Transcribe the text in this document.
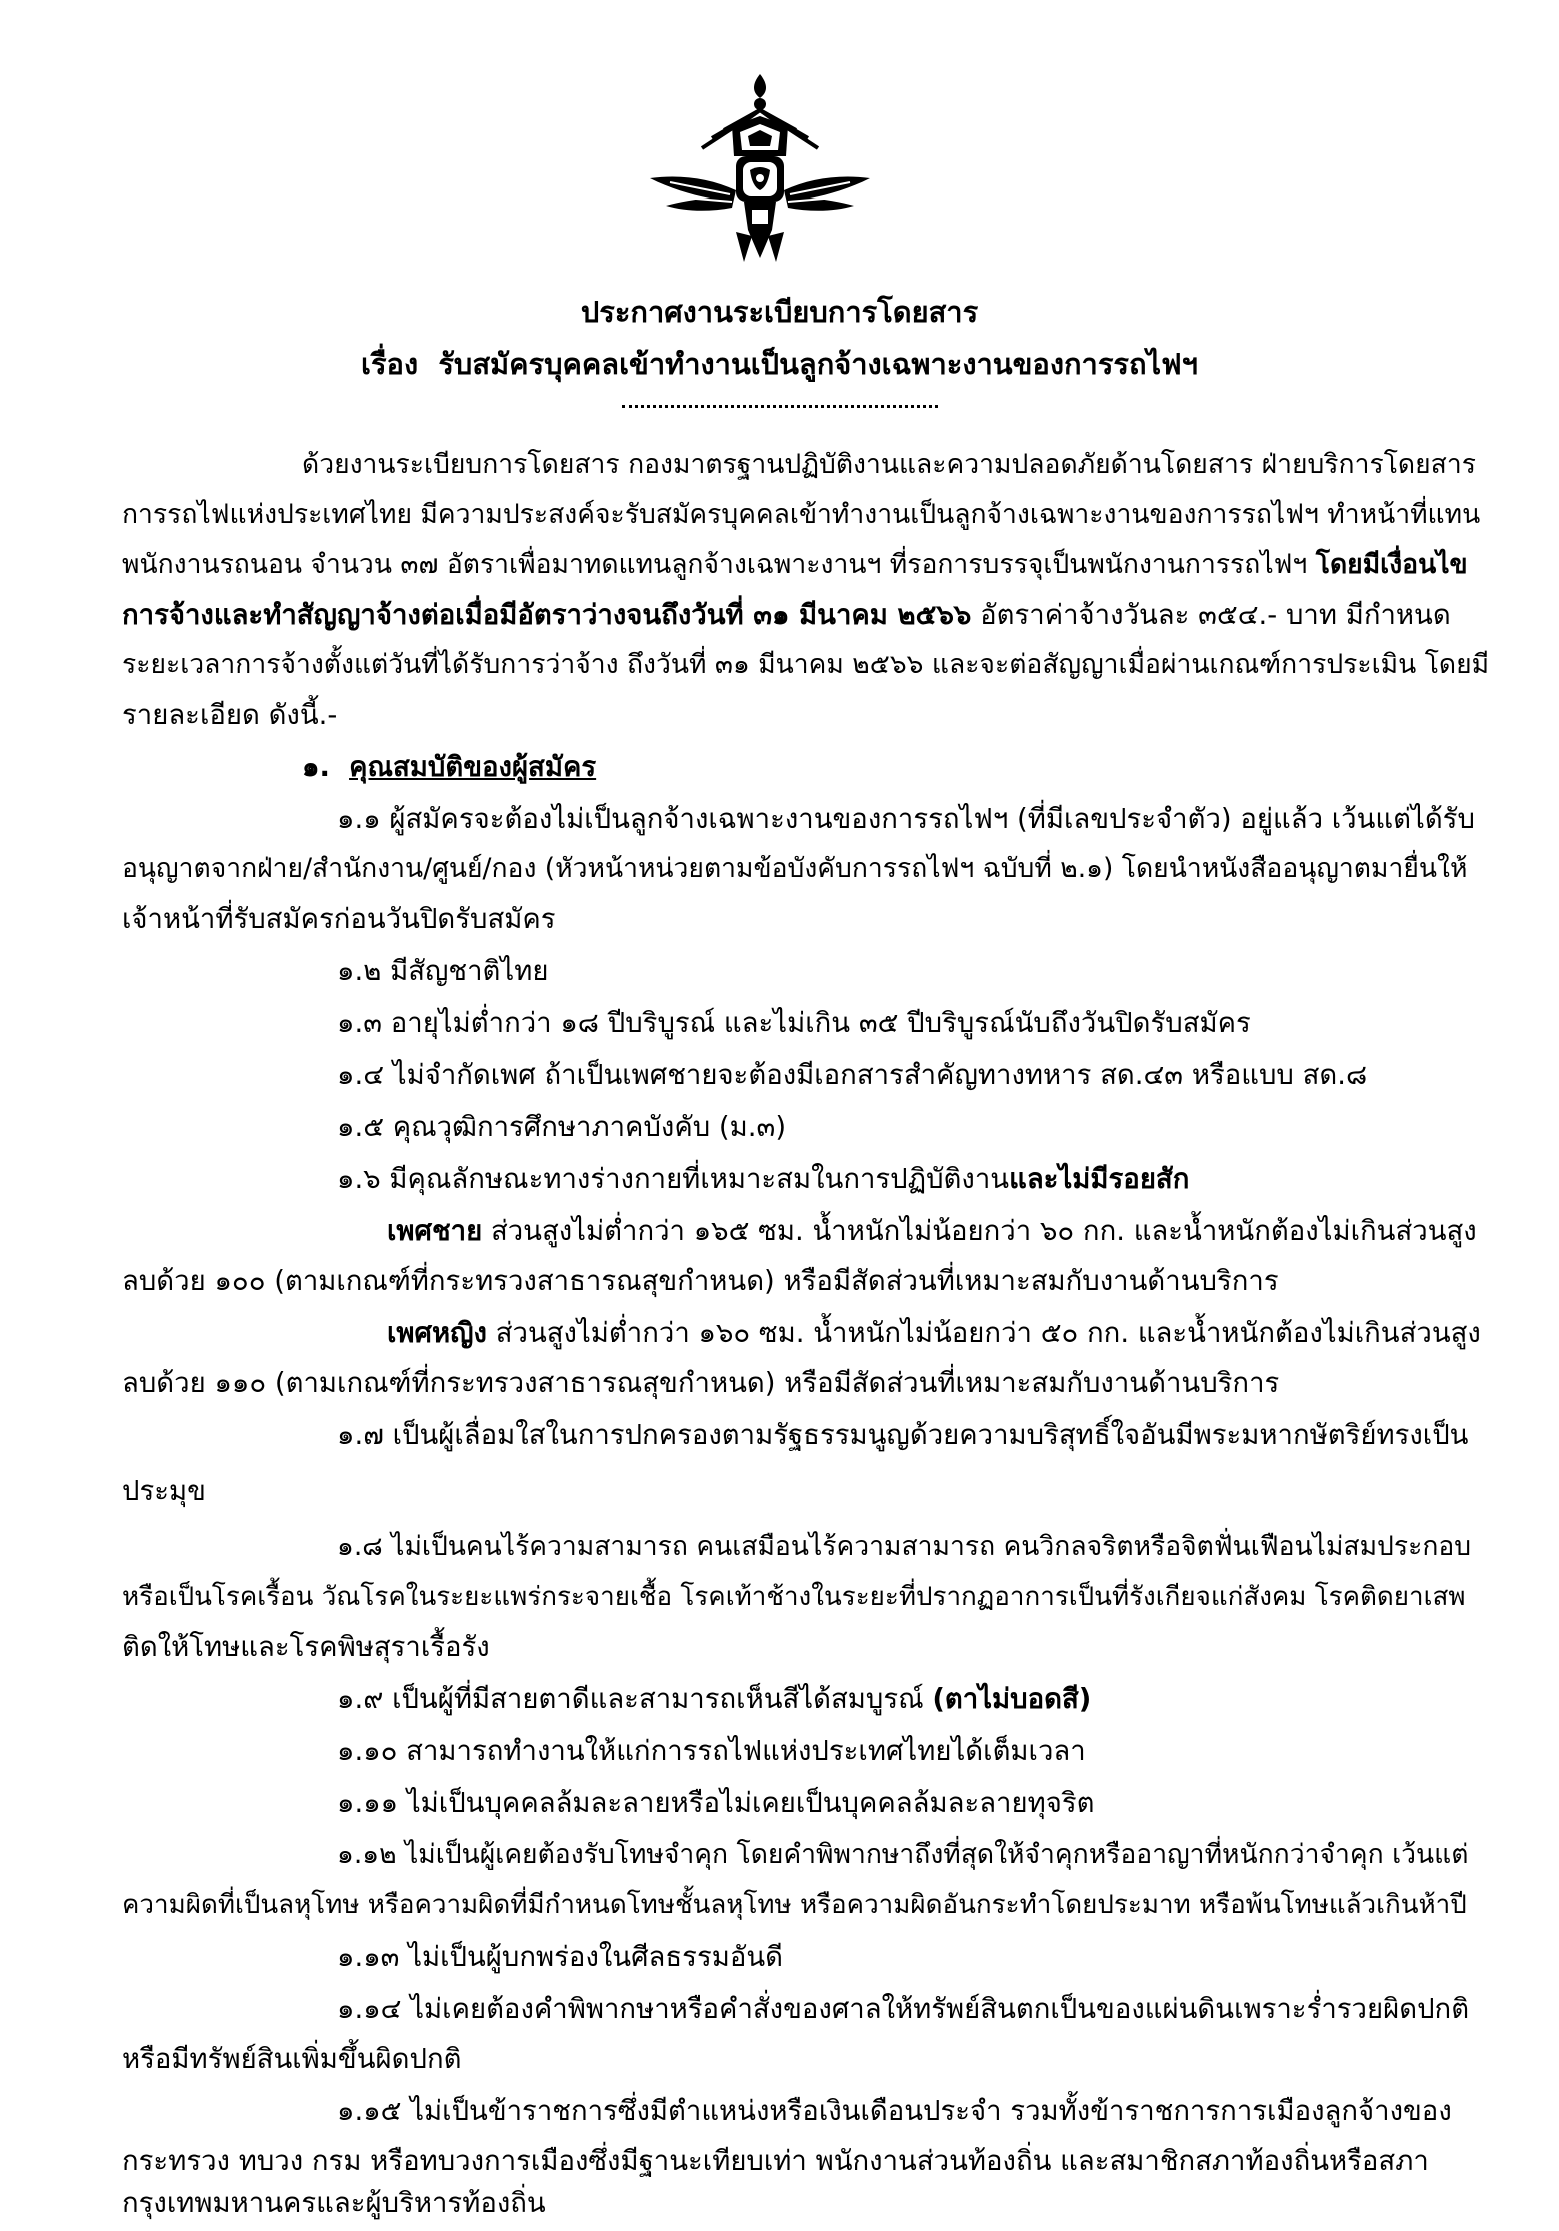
ประกาศงานระเบียบการโดยสาร
เรื่อง รับสมัครบุคคลเข้าทำงานเป็นลูกจ้างเฉพาะงานของการรถไฟฯ
ด้วยงานระเบียบการโดยสาร กองมาตรฐานปฏิบัติงานและความปลอดภัยด้านโดยสาร ฝ่ายบริการโดยสาร
การรถไฟแห่งประเทศไทย มีความประสงค์จะรับสมัครบุคคลเข้าทำงานเป็นลูกจ้างเฉพาะงานของการรถไฟฯ ทำหน้าที่แทน
พนักงานรถนอน จำนวน ๓๗ อัตราเพื่อมาทดแทนลูกจ้างเฉพาะงานฯ ที่รอการบรรจุเป็นพนักงานการรถไฟฯ โดยมีเงื่อนไข
การจ้างและทำสัญญาจ้างต่อเมื่อมีอัตราว่างจนถึงวันที่ ๓๑ มีนาคม ๒๕๖๖ อัตราค่าจ้างวันละ ๓๕๔.- บาท มีกำหนด
ระยะเวลาการจ้างตั้งแต่วันที่ได้รับการว่าจ้าง ถึงวันที่ ๓๑ มีนาคม ๒๕๖๖ และจะต่อสัญญาเมื่อผ่านเกณฑ์การประเมิน โดยมี
รายละเอียด ดังนี้.-
๑. คุณสมบัติของผู้สมัคร
๑.๑ ผู้สมัครจะต้องไม่เป็นลูกจ้างเฉพาะงานของการรถไฟฯ (ที่มีเลขประจำตัว) อยู่แล้ว เว้นแต่ได้รับ
อนุญาตจากฝ่าย/สำนักงาน/ศูนย์/กอง (หัวหน้าหน่วยตามข้อบังคับการรถไฟฯ ฉบับที่ ๒.๑) โดยนำหนังสืออนุญาตมายื่นให้
เจ้าหน้าที่รับสมัครก่อนวันปิดรับสมัคร
๑.๒ มีสัญชาติไทย
๑.๓ อายุไม่ต่ำกว่า ๑๘ ปีบริบูรณ์ และไม่เกิน ๓๕ ปีบริบูรณ์นับถึงวันปิดรับสมัคร
๑.๔ ไม่จำกัดเพศ ถ้าเป็นเพศชายจะต้องมีเอกสารสำคัญทางทหาร สด.๔๓ หรือแบบ สด.๘
๑.๕ คุณวุฒิการศึกษาภาคบังคับ (ม.๓)
๑.๖ มีคุณลักษณะทางร่างกายที่เหมาะสมในการปฏิบัติงานและไม่มีรอยสัก
เพศชาย ส่วนสูงไม่ต่ำกว่า ๑๖๕ ซม. น้ำหนักไม่น้อยกว่า ๖๐ กก. และน้ำหนักต้องไม่เกินส่วนสูง
ลบด้วย ๑๐๐ (ตามเกณฑ์ที่กระทรวงสาธารณสุขกำหนด) หรือมีสัดส่วนที่เหมาะสมกับงานด้านบริการ
เพศหญิง ส่วนสูงไม่ต่ำกว่า ๑๖๐ ซม. น้ำหนักไม่น้อยกว่า ๕๐ กก. และน้ำหนักต้องไม่เกินส่วนสูง
ลบด้วย ๑๑๐ (ตามเกณฑ์ที่กระทรวงสาธารณสุขกำหนด) หรือมีสัดส่วนที่เหมาะสมกับงานด้านบริการ
๑.๗ เป็นผู้เลื่อมใสในการปกครองตามรัฐธรรมนูญด้วยความบริสุทธิ์ใจอันมีพระมหากษัตริย์ทรงเป็น
ประมุข
๑.๘ ไม่เป็นคนไร้ความสามารถ คนเสมือนไร้ความสามารถ คนวิกลจริตหรือจิตฟั่นเฟือนไม่สมประกอบ
หรือเป็นโรคเรื้อน วัณโรคในระยะแพร่กระจายเชื้อ โรคเท้าช้างในระยะที่ปรากฏอาการเป็นที่รังเกียจแก่สังคม โรคติดยาเสพ
ติดให้โทษและโรคพิษสุราเรื้อรัง
๑.๙ เป็นผู้ที่มีสายตาดีและสามารถเห็นสีได้สมบูรณ์ (ตาไม่บอดสี)
๑.๑๐ สามารถทำงานให้แก่การรถไฟแห่งประเทศไทยได้เต็มเวลา
๑.๑๑ ไม่เป็นบุคคลล้มละลายหรือไม่เคยเป็นบุคคลล้มละลายทุจริต
๑.๑๒ ไม่เป็นผู้เคยต้องรับโทษจำคุก โดยคำพิพากษาถึงที่สุดให้จำคุกหรืออาญาที่หนักกว่าจำคุก เว้นแต่
ความผิดที่เป็นลหุโทษ หรือความผิดที่มีกำหนดโทษชั้นลหุโทษ หรือความผิดอันกระทำโดยประมาท หรือพ้นโทษแล้วเกินห้าปี
๑.๑๓ ไม่เป็นผู้บกพร่องในศีลธรรมอันดี
๑.๑๔ ไม่เคยต้องคำพิพากษาหรือคำสั่งของศาลให้ทรัพย์สินตกเป็นของแผ่นดินเพราะร่ำรวยผิดปกติ
หรือมีทรัพย์สินเพิ่มขึ้นผิดปกติ
๑.๑๕ ไม่เป็นข้าราชการซึ่งมีตำแหน่งหรือเงินเดือนประจำ รวมทั้งข้าราชการการเมืองลูกจ้างของ
กระทรวง ทบวง กรม หรือทบวงการเมืองซึ่งมีฐานะเทียบเท่า พนักงานส่วนท้องถิ่น และสมาชิกสภาท้องถิ่นหรือสภา
กรุงเทพมหานครและผู้บริหารท้องถิ่น
